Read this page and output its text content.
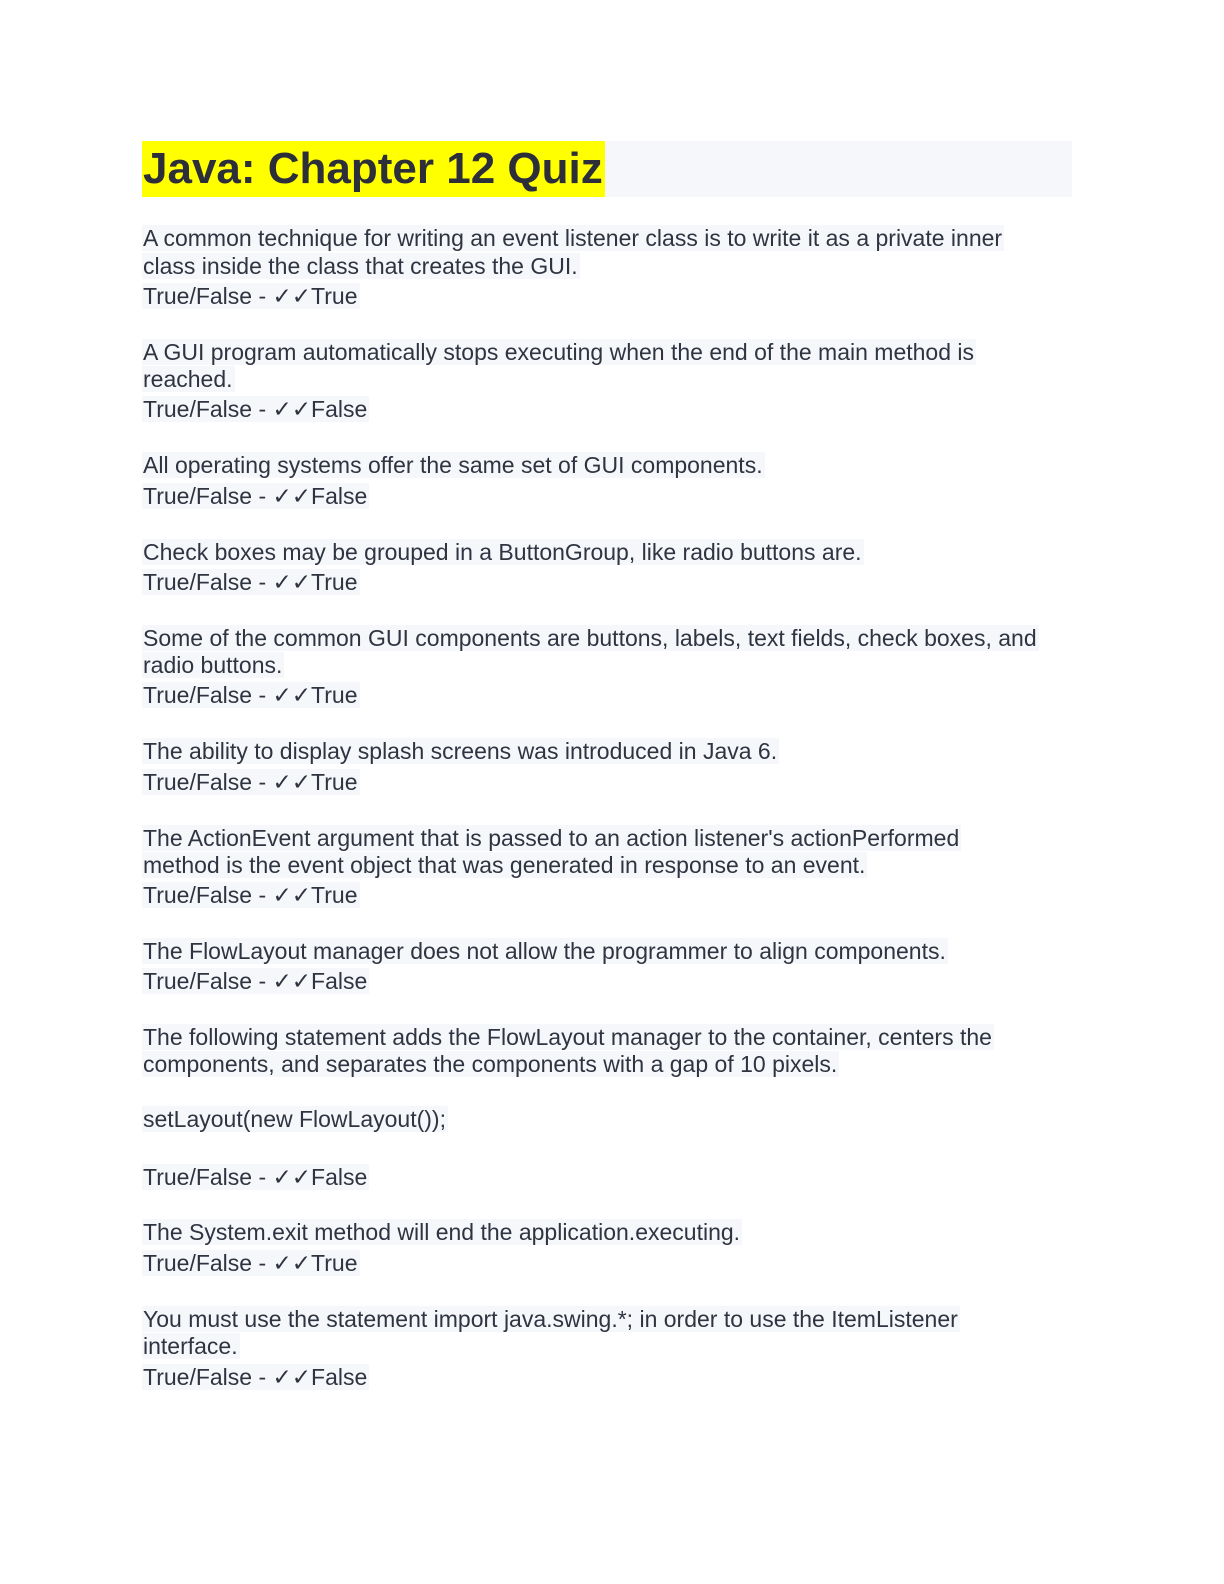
Java: Chapter 12 Quiz
A common technique for writing an event listener class is to write it as a private inner
class inside the class that creates the GUI.
True/False - ✓✓True
A GUI program automatically stops executing when the end of the main method is
reached.
True/False - ✓✓False
All operating systems offer the same set of GUI components.
True/False - ✓✓False
Check boxes may be grouped in a ButtonGroup, like radio buttons are.
True/False - ✓✓True
Some of the common GUI components are buttons, labels, text fields, check boxes, and
radio buttons.
True/False - ✓✓True
The ability to display splash screens was introduced in Java 6.
True/False - ✓✓True
The ActionEvent argument that is passed to an action listener's actionPerformed
method is the event object that was generated in response to an event.
True/False - ✓✓True
The FlowLayout manager does not allow the programmer to align components.
True/False - ✓✓False
The following statement adds the FlowLayout manager to the container, centers the
components, and separates the components with a gap of 10 pixels.
setLayout(new FlowLayout());
True/False - ✓✓False
The System.exit method will end the application.executing.
True/False - ✓✓True
You must use the statement import java.swing.*; in order to use the ItemListener
interface.
True/False - ✓✓False
